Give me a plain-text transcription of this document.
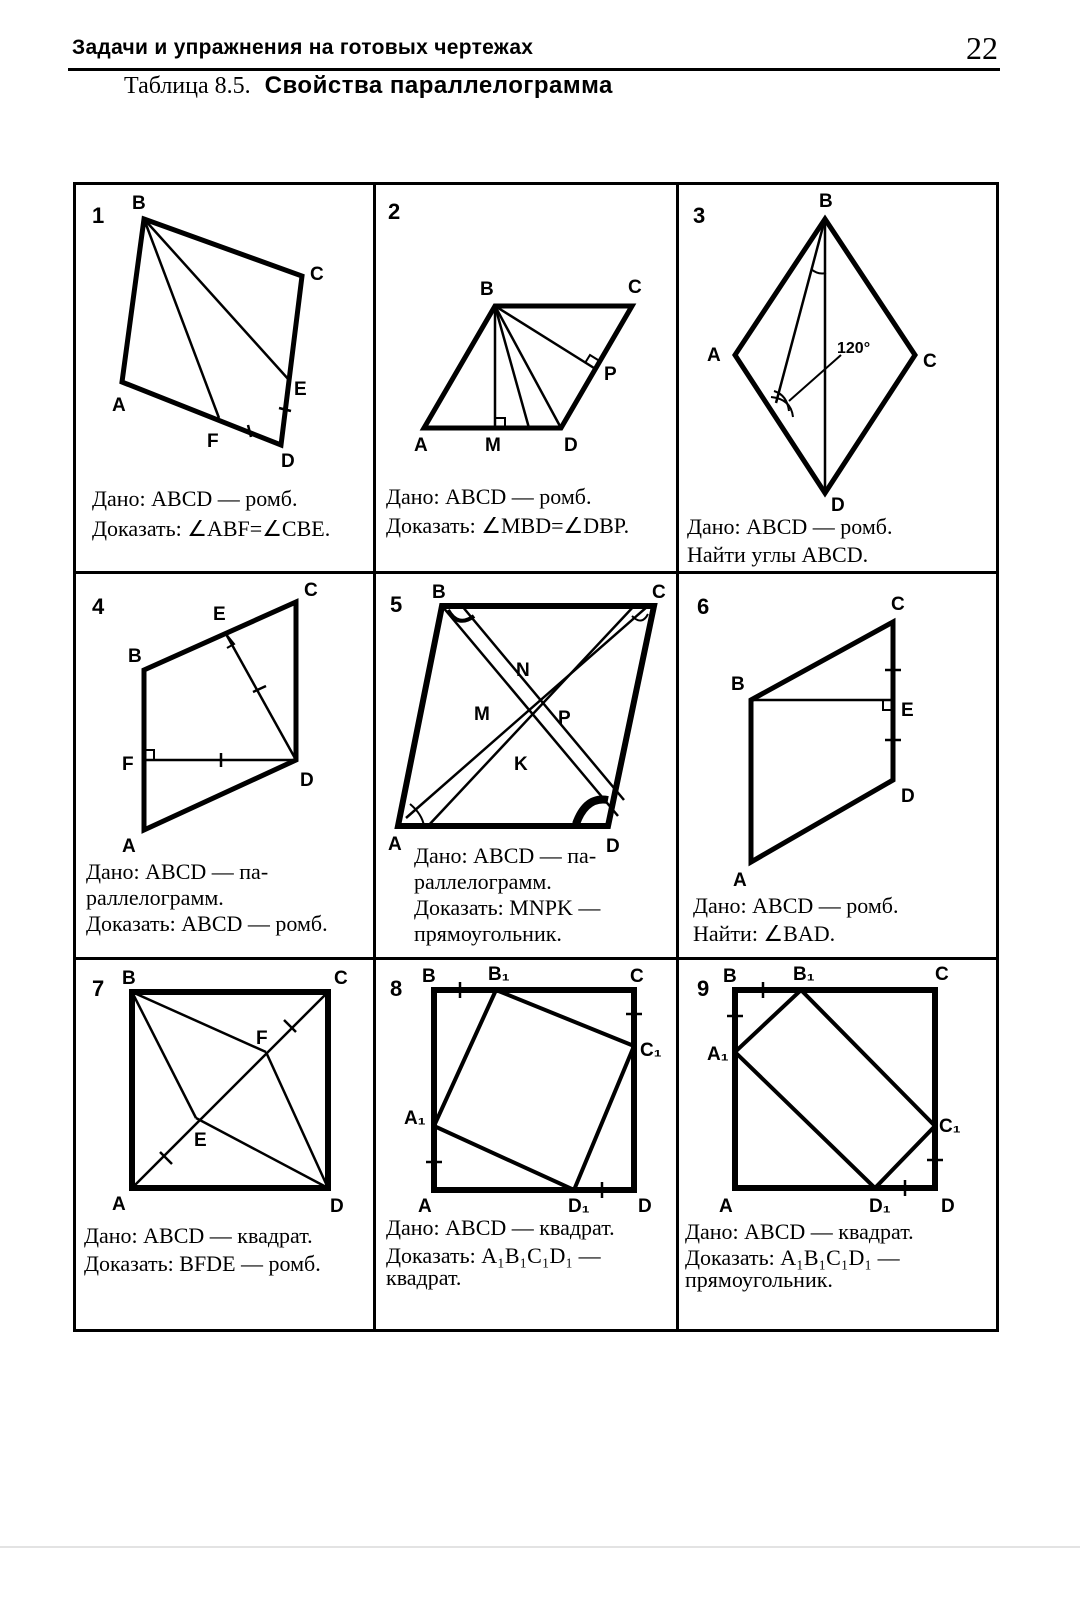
Задачи и упражнения на готовых чертежах	22
Таблица 8.5. Свойства параллелограмма
1 B
C
E
A
F
D
Дано: ABCD — ромб.
Доказать: ∠ABF=∠CBE.
2
B	C
P
A	M	D
Дано: ABCD — ромб.
Доказать: ∠MBD=∠DBP.
3
B
A	C
D
120°
Дано: ABCD — ромб.
Найти углы ABCD.
4
C
E
B
F
D
A
Дано: ABCD — па-
раллелограмм.
Доказать: ABCD — ромб.
5 B	C
N
M	P
K
A	D
Дано: ABCD — па-
раллелограмм.
Доказать: MNPK —
прямоугольник.
6	C
B
E
D
A
Дано: ABCD — ромб.
Найти: ∠BAD.
7 B	C
F
E
A	D
Дано: ABCD — квадрат.
Доказать: BFDE — ромб.
8 B	B₁	C
C₁
A₁
A	D₁	D
Дано: ABCD — квадрат.
Доказать: A₁B₁C₁D₁ —
квадрат.
9 B	B₁	C
A₁
C₁
A	D₁	D
Дано: ABCD — квадрат.
Доказать: A₁B₁C₁D₁ —
прямоугольник.
